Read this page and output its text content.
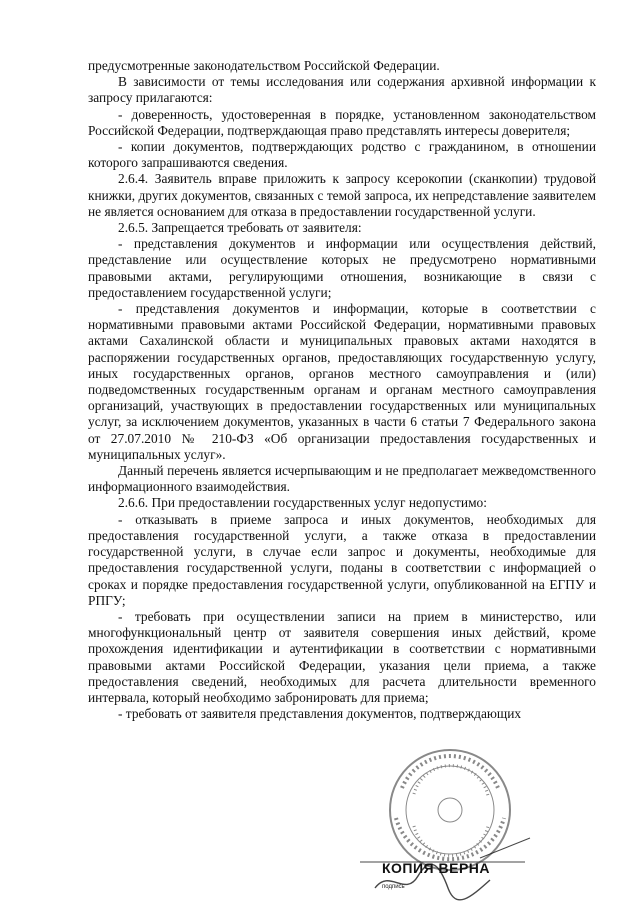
предусмотренные законодательством Российской Федерации.

В зависимости от темы исследования или содержания архивной информации к запросу прилагаются:

- доверенность, удостоверенная в порядке, установленном законодательством Российской Федерации, подтверждающая право представлять интересы доверителя;

- копии документов, подтверждающих родство с гражданином, в отношении которого запрашиваются сведения.

2.6.4. Заявитель вправе приложить к запросу ксерокопии (сканкопии) трудовой книжки, других документов, связанных с темой запроса, их непредставление заявителем не является основанием для отказа в предоставлении государственной услуги.

2.6.5. Запрещается требовать от заявителя:

- представления документов и информации или осуществления действий, представление или осуществление которых не предусмотрено нормативными правовыми актами, регулирующими отношения, возникающие в связи с предоставлением государственной услуги;

- представления документов и информации, которые в соответствии с нормативными правовыми актами Российской Федерации, нормативными правовых актами Сахалинской области и муниципальных правовых актами находятся в распоряжении государственных органов, предоставляющих государственную услугу, иных государственных органов, органов местного самоуправления и (или) подведомственных государственным органам и органам местного самоуправления организаций, участвующих в предоставлении государственных или муниципальных услуг, за исключением документов, указанных в части 6 статьи 7 Федерального закона от 27.07.2010 № 210-ФЗ «Об организации предоставления государственных и муниципальных услуг».

Данный перечень является исчерпывающим и не предполагает межведомственного информационного взаимодействия.

2.6.6. При предоставлении государственных услуг недопустимо:

- отказывать в приеме запроса и иных документов, необходимых для предоставления государственной услуги, а также отказа в предоставлении государственной услуги, в случае если запрос и документы, необходимые для предоставления государственной услуги, поданы в соответствии с информацией о сроках и порядке предоставления государственной услуги, опубликованной на ЕГПУ и РПГУ;

- требовать при осуществлении записи на прием в министерство, или многофункциональный центр от заявителя совершения иных действий, кроме прохождения идентификации и аутентификации в соответствии с нормативными правовыми актами Российской Федерации, указания цели приема, а также предоставления сведений, необходимых для расчета длительности временного интервала, который необходимо забронировать для приема;

- требовать от заявителя представления документов, подтверждающих

КОПИЯ ВЕРНА
подпись
